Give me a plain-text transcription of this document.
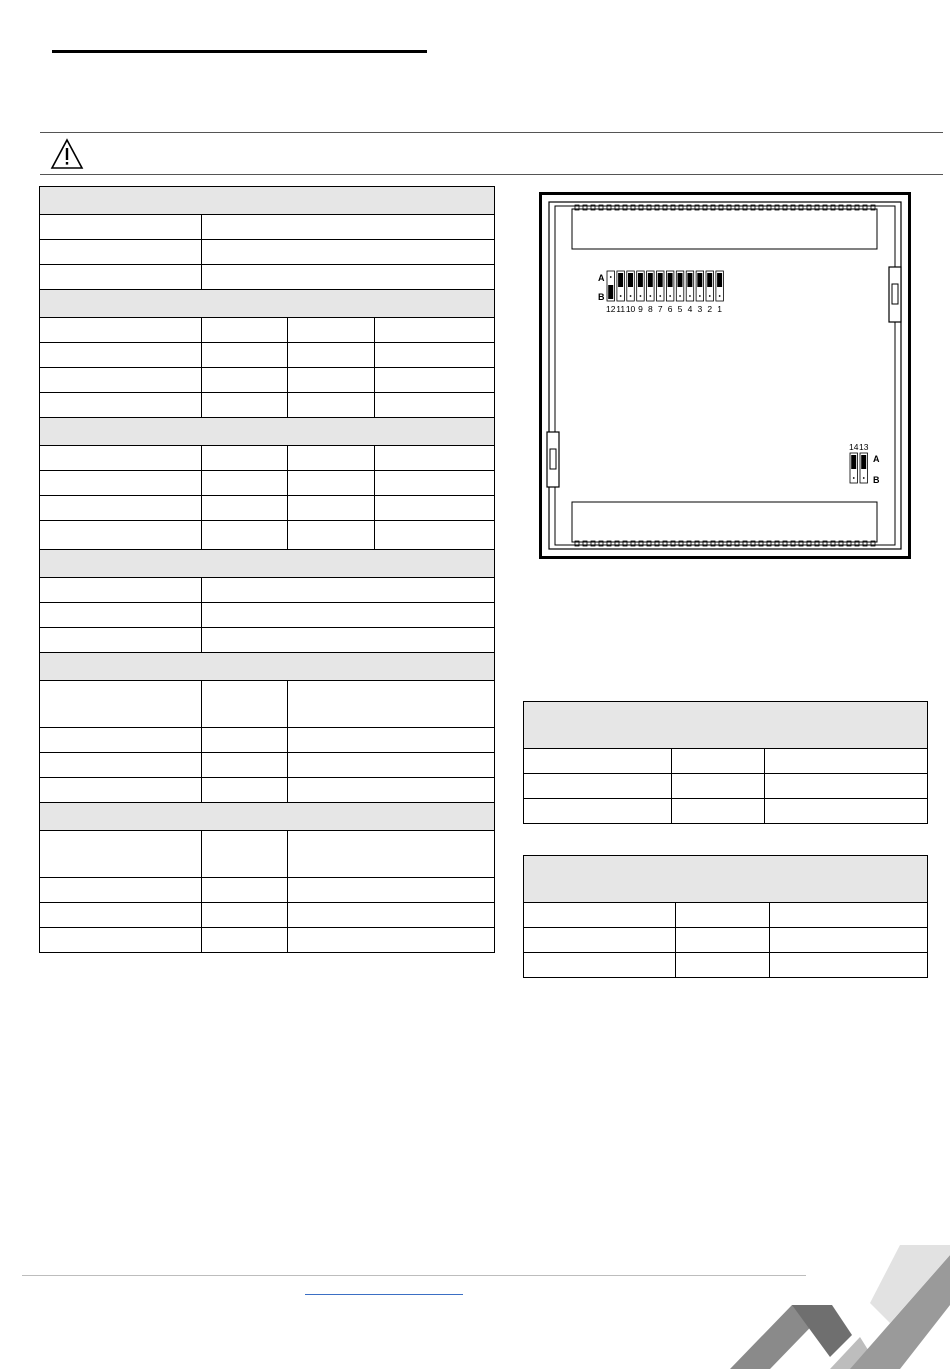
A
B
12 11 10 9 8 7 6 5 4 3 2 1
14 13
A
B
